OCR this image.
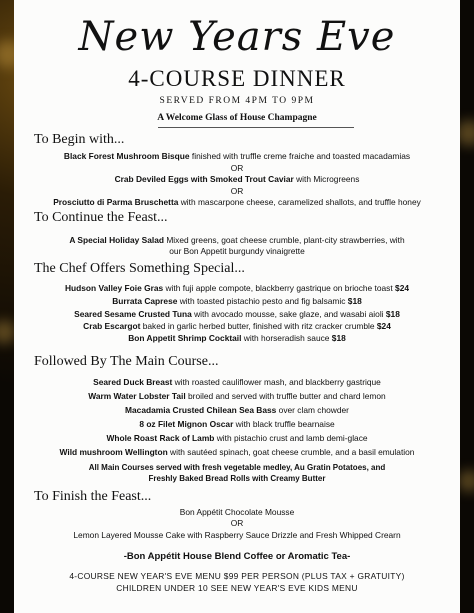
New Years Eve
4-COURSE DINNER
SERVED FROM 4PM TO 9PM
A Welcome Glass of House Champagne
To Begin with...
Black Forest Mushroom Bisque finished with truffle creme fraiche and toasted macadamias
OR
Crab Deviled Eggs with Smoked Trout Caviar with Microgreens
OR
Prosciutto di Parma Bruschetta with mascarpone cheese, caramelized shallots, and truffle honey
To Continue the Feast...
A Special Holiday Salad Mixed greens, goat cheese crumble, plant-city strawberries, with
our Bon Appetit burgundy vinaigrette
The Chef Offers Something Special...
Hudson Valley Foie Gras with fuji apple compote, blackberry gastrique on brioche toast $24
Burrata Caprese with toasted pistachio pesto and fig balsamic $18
Seared Sesame Crusted Tuna with avocado mousse, sake glaze, and wasabi aioli $18
Crab Escargot baked in garlic herbed butter, finished with ritz cracker crumble $24
Bon Appetit Shrimp Cocktail with horseradish sauce $18
Followed By The Main Course...
Seared Duck Breast with roasted cauliflower mash, and blackberry gastrique
Warm Water Lobster Tail broiled and served with truffle butter and chard lemon
Macadamia Crusted Chilean Sea Bass over clam chowder
8 oz Filet Mignon Oscar with black truffle bearnaise
Whole Roast Rack of Lamb with pistachio crust and lamb demi-glace
Wild mushroom Wellington with sautéed spinach, goat cheese crumble, and a basil emulation
All Main Courses served with fresh vegetable medley, Au Gratin Potatoes, and
Freshly Baked Bread Rolls with Creamy Butter
To Finish the Feast...
Bon Appétit Chocolate Mousse
OR
Lemon Layered Mousse Cake with Raspberry Sauce Drizzle and Fresh Whipped Crearn
-Bon Appétit House Blend Coffee or Aromatic Tea-
4-COURSE NEW YEAR'S EVE MENU $99 PER PERSON (PLUS TAX + GRATUITY)
CHILDREN UNDER 10 SEE NEW YEAR'S EVE KIDS MENU
